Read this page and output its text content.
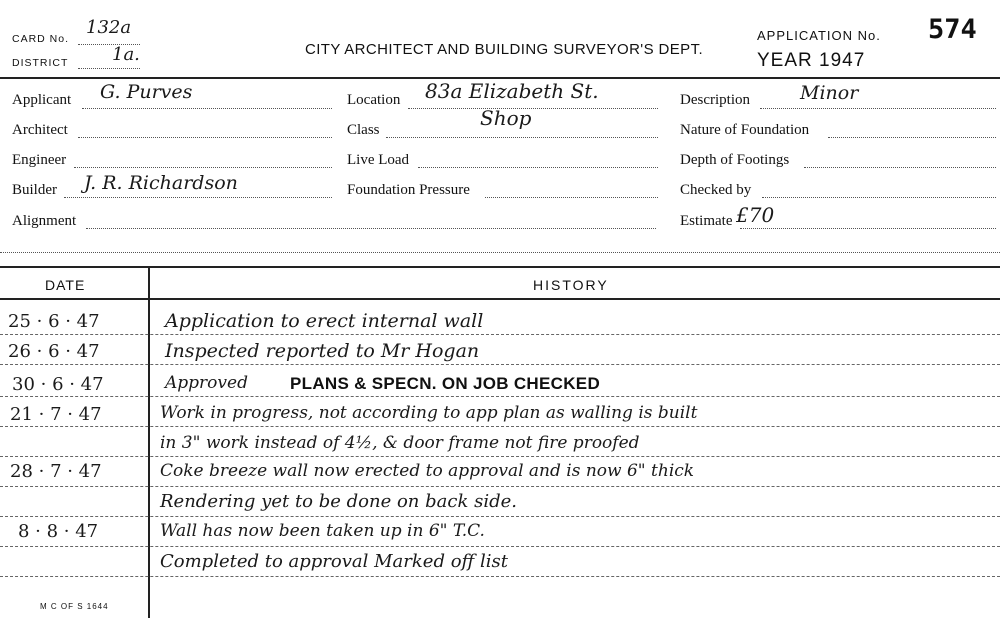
CARD No.
132a
DISTRICT 1a.	CITY ARCHITECT AND BUILDING SURVEYOR'S DEPT.
APPLICATION No. 574
YEAR 1947
Applicant G. Purves
Architect
Engineer
Builder J. R. Richardson
Alignment
Location 83a Elizabeth St.
Class	Shop
Live Load
Foundation Pressure
Description	Minor
Nature of Foundation
Depth of Footings
Checked by
Estimate £70
DATE	HISTORY
25 · 6 · 47	Application to erect internal wall
26 · 6 · 47	Inspected reported to Mr Hogan
30 · 6 · 47	Approved PLANS & SPECN. ON JOB CHECKED
21 · 7 · 47	Work in progress, not according to app plan as walling is built
in 3" work instead of 4½, & door frame not fire proofed
28 · 7 · 47	Coke breeze wall now erected to approval and is now 6" thick
Rendering yet to be done on back side.
8 · 8 · 47	Wall has now been taken up in 6" T.C.
Completed to approval Marked off list
M C OF S 1644
